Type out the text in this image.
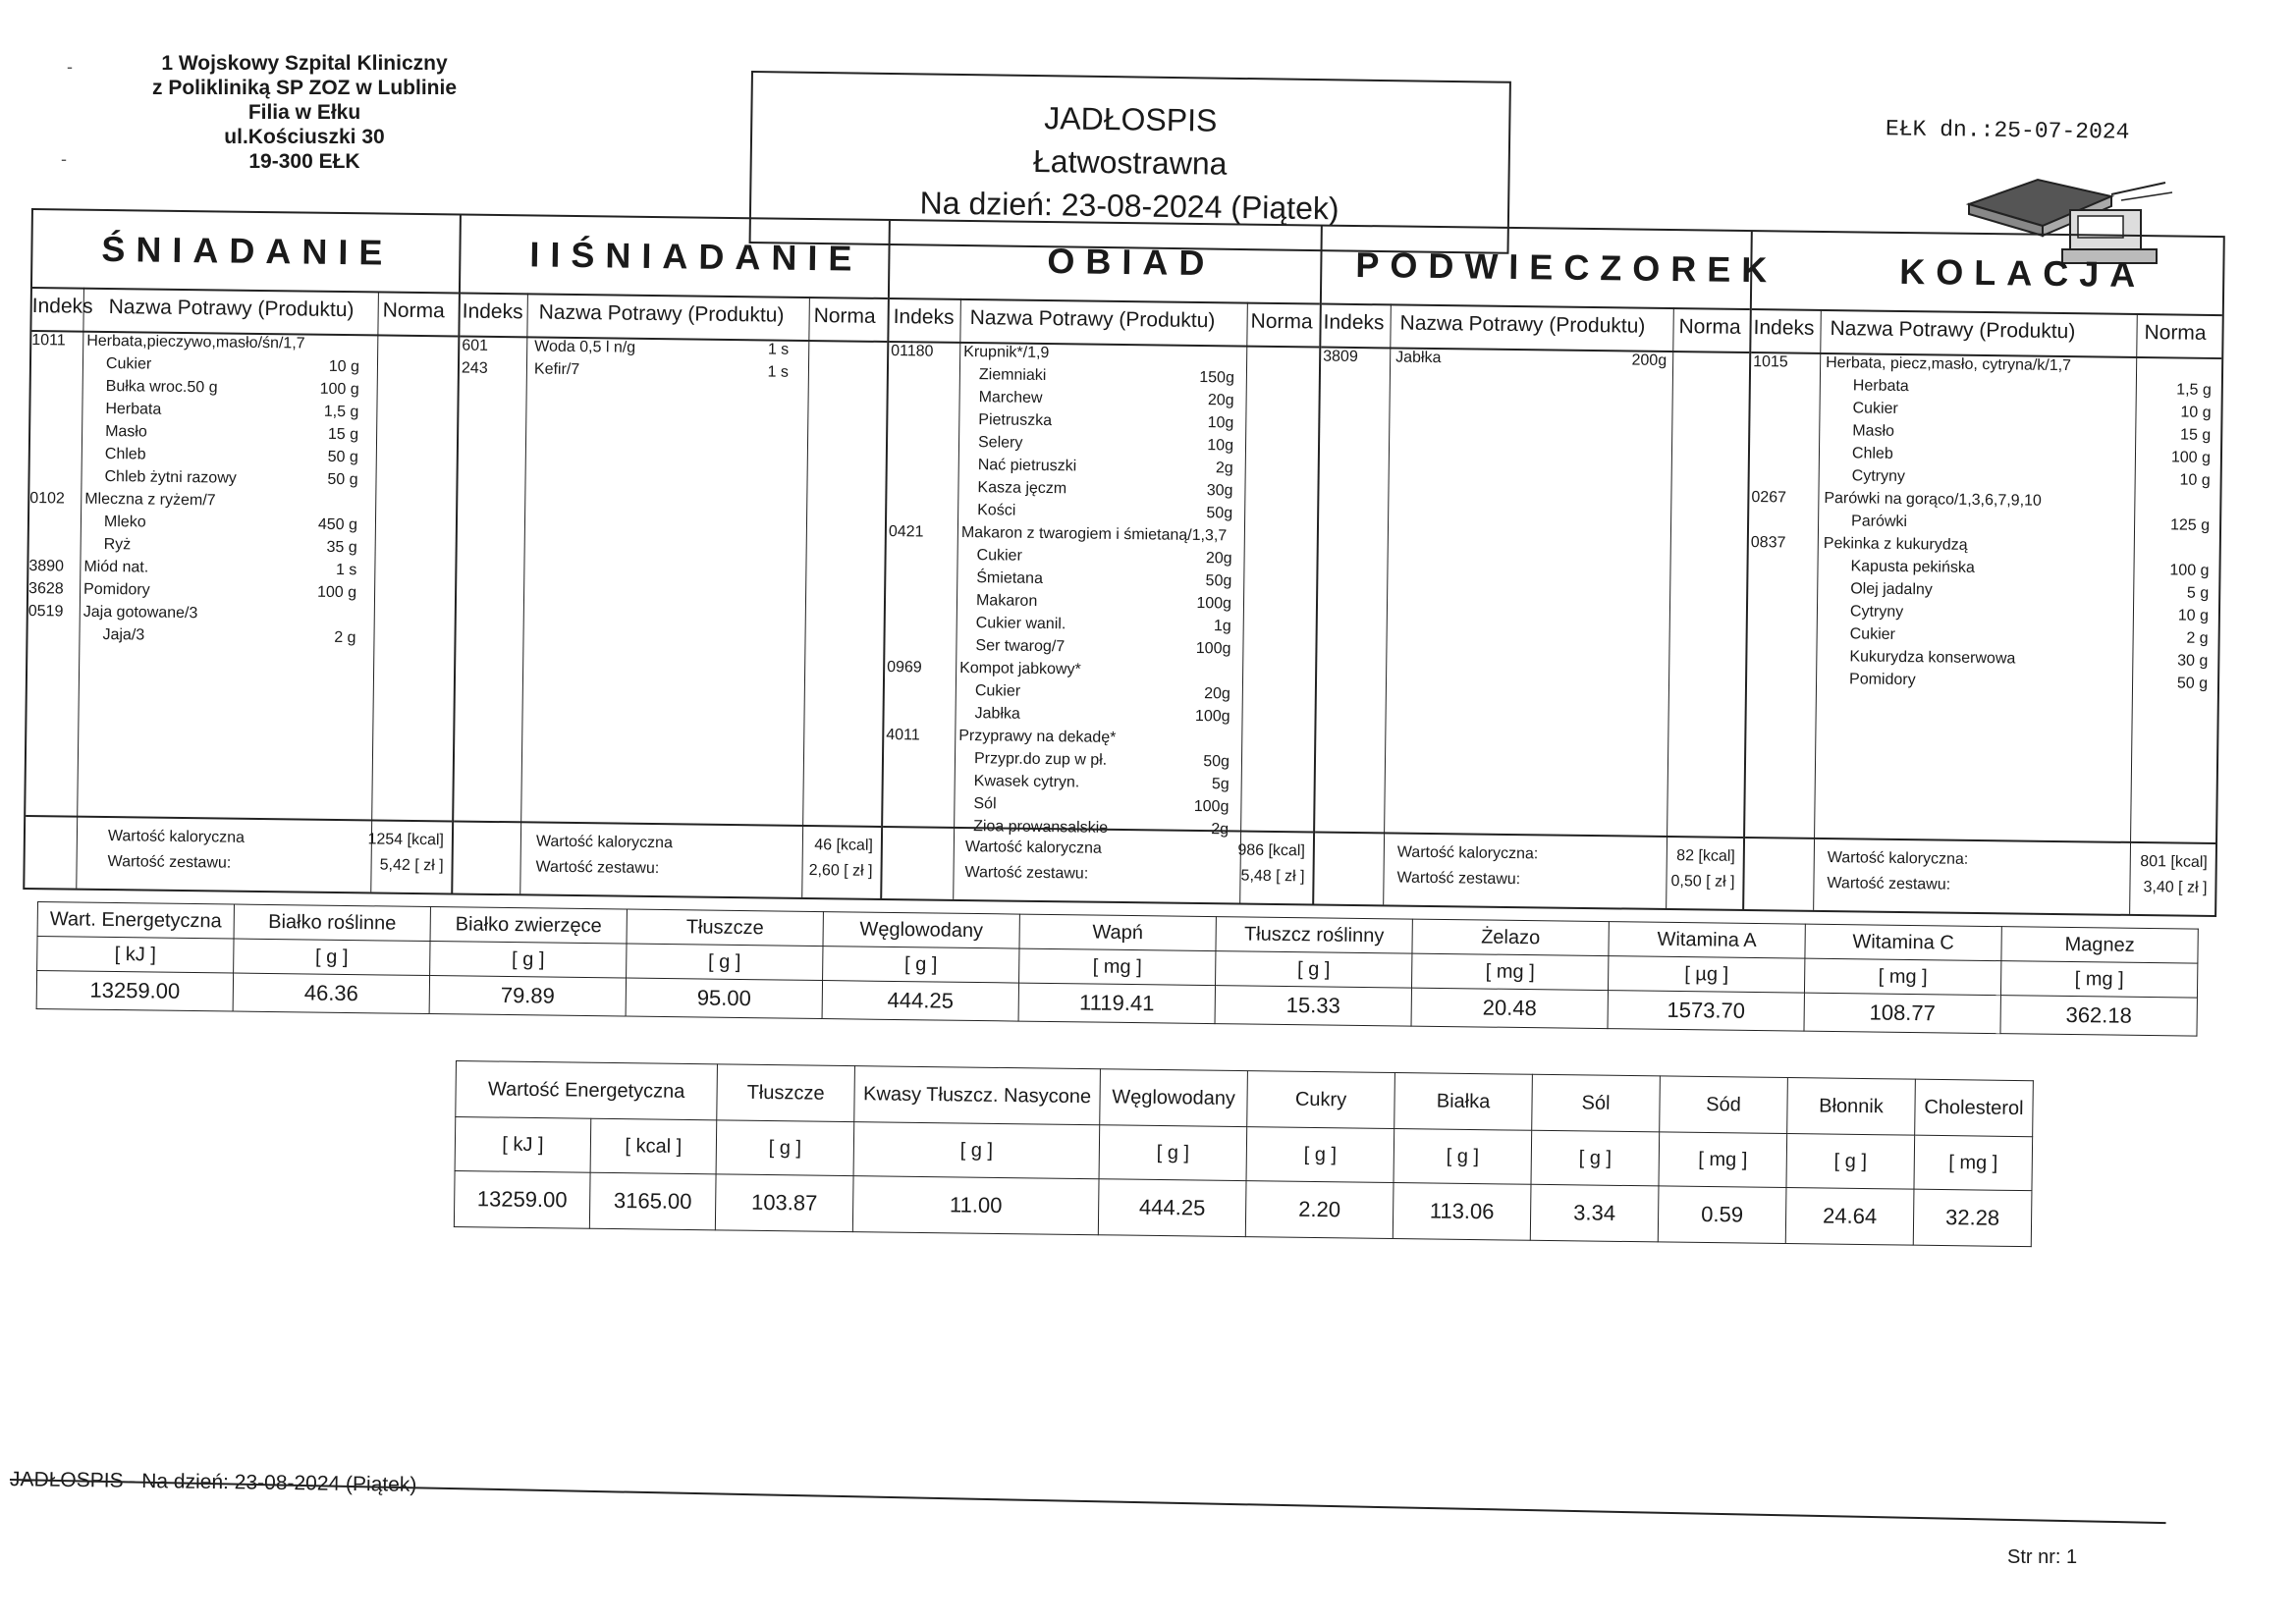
-
-
1 Wojskowy Szpital Kliniczny
z Polikliniką SP ZOZ w Lublinie
Filia w Ełku
ul.Kościuszki 30
19-300 EŁK
JADŁOSPIS
Łatwostrawna
Na dzień: 23-08-2024 (Piątek)
EŁK dn.:25-07-2024
ŚNIADANIE
Indeks Nazwa Potrawy (Produktu) Norma
1011 Herbata,pieczywo,masło/śn/1,7
Cukier	10 g
Bułka wroc.50 g	100 g
Herbata	1,5 g
Masło	15 g
Chleb	50 g
Chleb żytni razowy	50 g
0102 Mleczna z ryżem/7
Mleko	450 g
Ryż	35 g
3890 Miód nat.	1 s
3628 Pomidory	100 g
0519 Jaja gotowane/3
Jaja/3	2 g
Wartość kaloryczna	1254 [kcal]
Wartość zestawu:	5,42 [ zł ]
IIŚNIADANIE
Indeks Nazwa Potrawy (Produktu) Norma
601	Woda 0,5 l n/g	1 s
243	Kefir/7	1 s
Wartość kaloryczna	46 [kcal]
Wartość zestawu:	2,60 [ zł ]
OBIAD
Indeks Nazwa Potrawy (Produktu) Norma
01180 Krupnik*/1,9
Ziemniaki	150g
Marchew	20g
Pietruszka	10g
Selery	10g
Nać pietruszki	2g
Kasza jęczm	30g
Kości	50g
0421 Makaron z twarogiem i śmietaną/1,3,7
Cukier	20g
Śmietana	50g
Makaron	100g
Cukier wanil.	1g
Ser twarog/7	100g
0969 Kompot jabkowy*
Cukier	20g
Jabłka	100g
4011 Przyprawy na dekadę*
Przypr.do zup w pł.	50g
Kwasek cytryn.	5g
Sól	100g
Zioa prowansalskie	2g
Wartość kaloryczna	986 [kcal]
Wartość zestawu:	5,48 [ zł ]
PODWIECZOREK
Indeks Nazwa Potrawy (Produktu) Norma
3809 Jabłka	200g
Wartość kaloryczna:	82 [kcal]
Wartość zestawu:	0,50 [ zł ]
KOLACJA
Indeks Nazwa Potrawy (Produktu)	Norma
1015 Herbata, piecz,masło, cytryna/k/1,7
Herbata	1,5 g
Cukier	10 g
Masło	15 g
Chleb	100 g
Cytryny	10 g
0267 Parówki na gorąco/1,3,6,7,9,10
Parówki	125 g
0837 Pekinka z kukurydzą
Kapusta pekińska	100 g
Olej jadalny	5 g
Cytryny	10 g
Cukier	2 g
Kukurydza konserwowa	30 g
Pomidory	50 g
Wartość kaloryczna:	801 [kcal]
Wartość zestawu:	3,40 [ zł ]
Wart. Energetyczna	Białko roślinne	Białko zwierzęce	Tłuszcze	Węglowodany	Wapń	Tłuszcz roślinny	Żelazo	Witamina A	Witamina C	Magnez
[ kJ ]	[ g ]	[ g ]	[ g ]	[ g ]	[ mg ]	[ g ]	[ mg ]	[ µg ]	[ mg ]	[ mg ]
13259.00	46.36	79.89	95.00	444.25	1119.41	15.33	20.48	1573.70	108.77	362.18
Wartość Energetyczna		Tłuszcze	Kwasy Tłuszcz. Nasycone	Węglowodany	Cukry	Białka	Sól	Sód	Błonnik	Cholesterol
[ kJ ]	[ kcal ]	[ g ]	[ g ]	[ g ]	[ g ]	[ g ]	[ g ]	[ mg ]	[ g ]	[ mg ]
13259.00	3165.00	103.87	11.00	444.25	2.20	113.06	3.34	0.59	24.64	32.28
JADŁOSPIS - Na dzień: 23-08-2024 (Piątek)
Str nr: 1
